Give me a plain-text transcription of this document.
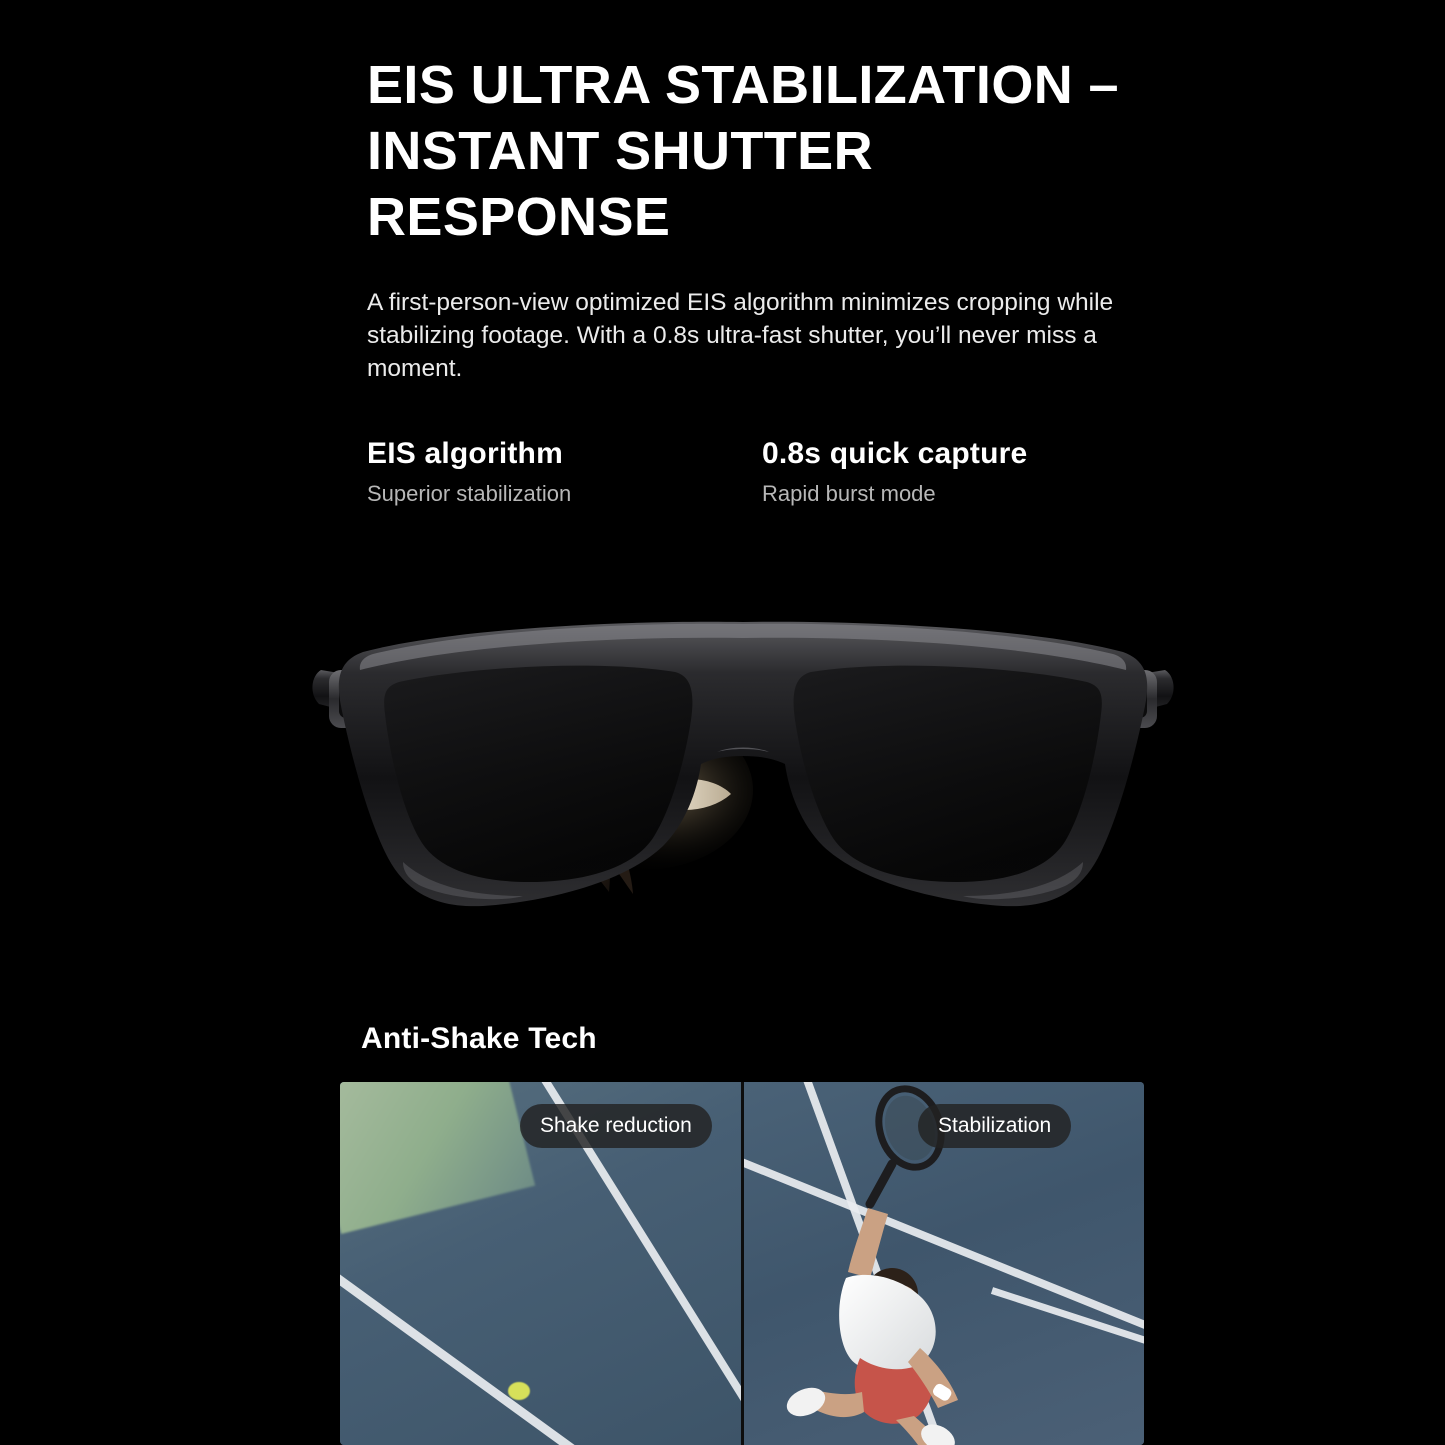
EIS ULTRA STABILIZATION – INSTANT SHUTTER RESPONSE
A first-person-view optimized EIS algorithm minimizes cropping while stabilizing footage. With a 0.8s ultra-fast shutter, you’ll never miss a moment.
EIS algorithm
Superior stabilization
0.8s quick capture
Rapid burst mode
Anti-Shake Tech
Shake reduction	Stabilization
